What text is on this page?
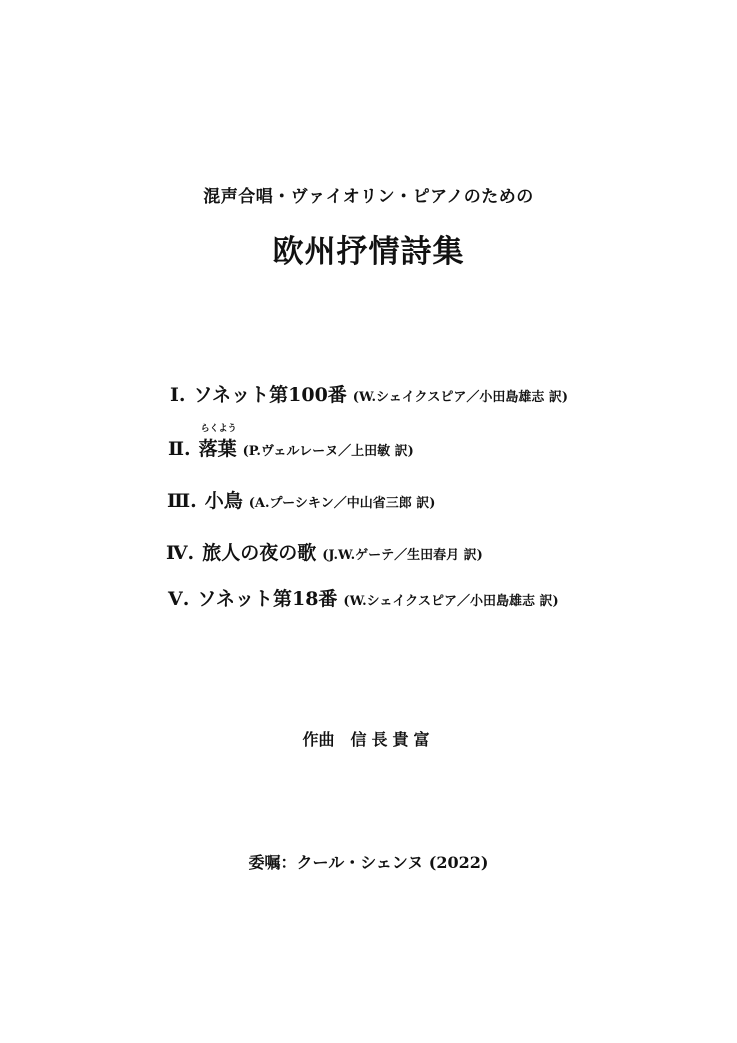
混声合唱・ヴァイオリン・ピアノのための
欧州抒情詩集
Ⅰ. ソネット第100番 (W.シェイクスピア／小田島雄志 訳)
Ⅱ.
らくよう
落葉 (P.ヴェルレーヌ／上田敏 訳)
Ⅲ. 小鳥 (A.プーシキン／中山省三郎 訳)
Ⅳ. 旅人の夜の歌 (J.W.ゲーテ／生田春月 訳)
Ⅴ. ソネット第18番 (W.シェイクスピア／小田島雄志 訳)
作曲 信長貴富
委嘱：クール・シェンヌ (2022)
